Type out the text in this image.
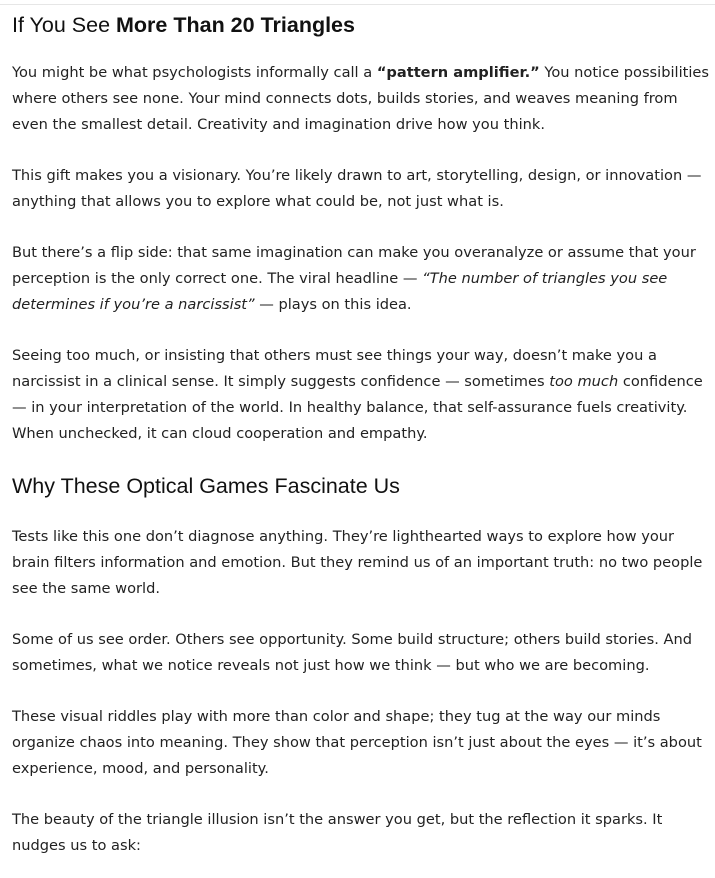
If You See More Than 20 Triangles

You might be what psychologists informally call a “pattern amplifier.” You notice possibilities where others see none. Your mind connects dots, builds stories, and weaves meaning from even the smallest detail. Creativity and imagination drive how you think.

This gift makes you a visionary. You’re likely drawn to art, storytelling, design, or innovation — anything that allows you to explore what could be, not just what is.

But there’s a flip side: that same imagination can make you overanalyze or assume that your perception is the only correct one. The viral headline — “The number of triangles you see determines if you’re a narcissist” — plays on this idea.

Seeing too much, or insisting that others must see things your way, doesn’t make you a narcissist in a clinical sense. It simply suggests confidence — sometimes too much confidence — in your interpretation of the world. In healthy balance, that self-assurance fuels creativity. When unchecked, it can cloud cooperation and empathy.

Why These Optical Games Fascinate Us

Tests like this one don’t diagnose anything. They’re lighthearted ways to explore how your brain filters information and emotion. But they remind us of an important truth: no two people see the same world.

Some of us see order. Others see opportunity. Some build structure; others build stories. And sometimes, what we notice reveals not just how we think — but who we are becoming.

These visual riddles play with more than color and shape; they tug at the way our minds organize chaos into meaning. They show that perception isn’t just about the eyes — it’s about experience, mood, and personality.

The beauty of the triangle illusion isn’t the answer you get, but the reflection it sparks. It nudges us to ask:
